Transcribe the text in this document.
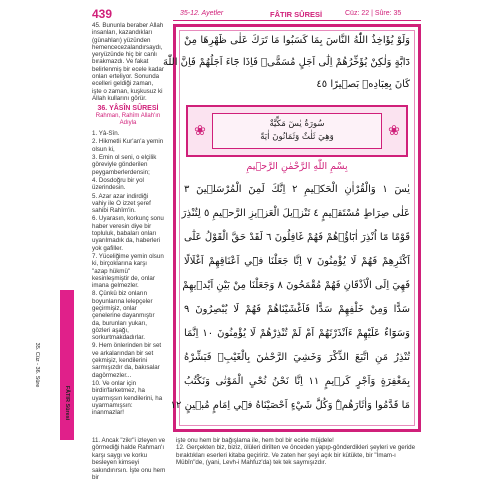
439	35-12. Ayetler	FÂTIR SÛRESİ	Cüz: 22 | Sûre: 35

45. Bununla beraber Allah insanları, kazandıkları (günahları) yüzünden hemencecezalandırsaydı, yeryüzünde hiç bir canlı bırakmazdı. Ve fakat belirlenmiş bir ecele kadar onları erteliyor. Sonunda ecelleri geldiği zaman, işte o zaman, kuşkusuz ki Allah kullarını görür.

36. YÂSÎN SÛRESİ
Rahman, Rahîm Allah'ın Adıyla

1. Yâ-Sîn.

2. Hikmetli Kur'an'a yemin olsun ki,

3. Emin ol seni, o elçilik göreviyle gönderilen peygamberlerdensin;

4. Dosdoğru bir yol üzerindesin.

5. Azar azar indirdiği vahiy ile O izzet şeref sahibi Rahîm'in.

6. Uyarasın, korkunç sonu haber veresin diye bir topluluk, babaları onları uyarılmadık da, haberleri yok gafiller.

7. Yüceliğime yemin olsun ki, birçoklarına karşı "azap hükmü" kesinleşmiştir de, onlar imana gelmezler.

8. Çünkü biz onların boyunlarına lelepçeler geçirmişiz, onlar çenelerine dayanmıştır da, burunları yukarı, gözleri aşağı, sorkurtmakdadırlar.

9. Hem önlerinden bir set ve arkalarından bir set çekmişiz, kendilerini sarmışızdır da, bakısalar dagörmezler...

10. Ve onlar için birdir/farketmez, ha uyarmışsın kendilerini, ha uyarmamışsın: inanmazlar!

35. Cüz - 36. Sûre
FÂTIR Sûresi
وَلَوْ يُؤَاخِذُ اللّٰهُ النَّاسَ بِمَا كَسَبُوا مَا تَرَكَ عَلٰى ظَهْرِهَا مِنْ
دَٓابَّةٍ وَلٰكِنْ يُؤَخِّرُهُمْ اِلٰٓى اَجَلٍ مُسَمًّىۚ فَاِذَا جَٓاءَ اَجَلُهُمْ فَاِنَّ اللّٰهَ
كَانَ بِعِبَادِه۪ بَص۪يرًا ٤٥
❀	❀
سُورَةُ يٰسٓ مَكِّيَّةٌ
وَهِيَ ثَلٰثٌ وَثَمَانُونَ اٰيَةً
بِسْمِ اللّٰهِ الرَّحْمٰنِ الرَّح۪يمِ
يٰسٓ ١ وَالْقُرْاٰنِ الْحَك۪يمِ ٢ اِنَّكَ لَمِنَ الْمُرْسَل۪ينَ ٣
عَلٰى صِرَاطٍ مُسْتَق۪يمٍ ٤ تَنْز۪يلَ الْعَز۪يزِ الرَّح۪يمِ ٥ لِتُنْذِرَ
قَوْمًا مَٓا اُنْذِرَ اٰبَٓاؤُ۬هُمْ فَهُمْ غَافِلُونَ ٦ لَقَدْ حَقَّ الْقَوْلُ عَلٰٓى
اَكْثَرِهِمْ فَهُمْ لَا يُؤْمِنُونَ ٧ اِنَّا جَعَلْنَا ف۪ٓي اَعْنَاقِهِمْ اَغْلَالًا
فَهِيَ اِلَى الْاَذْقَانِ فَهُمْ مُقْمَحُونَ ٨ وَجَعَلْنَا مِنْ بَيْنِ اَيْد۪يهِمْ
سَدًّا وَمِنْ خَلْفِهِمْ سَدًّا فَاَغْشَيْنَاهُمْ فَهُمْ لَا يُبْصِرُونَ ٩
وَسَوَٓاءٌ عَلَيْهِمْ ءَاَنْذَرْتَهُمْ اَمْ لَمْ تُنْذِرْهُمْ لَا يُؤْمِنُونَ ١٠ اِنَّمَا
تُنْذِرُ مَنِ اتَّبَعَ الذِّكْرَ وَخَشِيَ الرَّحْمٰنَ بِالْغَيْبِۚ فَبَشِّرْهُ
بِمَغْفِرَةٍ وَاَجْرٍ كَر۪يمٍ ١١ اِنَّا نَحْنُ نُحْيِ الْمَوْتٰى وَنَكْتُبُ
مَا قَدَّمُوا وَاٰثَارَهُمْۜ وَكُلَّ شَيْءٍ اَحْصَيْنَاهُ ف۪ٓي اِمَامٍ مُب۪ينٍ ١٢
11. Ancak "zikr"i izleyen ve görmediği halde Rahman'ı karşı saygı ve korku besleyen kimseyi sakındırırsın. İşte onu hem bir
işte onu hem bir bağışlama ile, hem bol bir ecirle müjdele!
12. Gerçekten biz, biziz, ölüleri dirilten ve önceden yapıp-gönderdikleri şeyleri ve geride bıraktıkları eserleri kitaba geçiririz. Ve zaten her şeyi açık bir kütükte, bir "İmam-ı Mübîn"de, (yani, Levh-i Mahfuz'da) tek tek saymışızdır.
